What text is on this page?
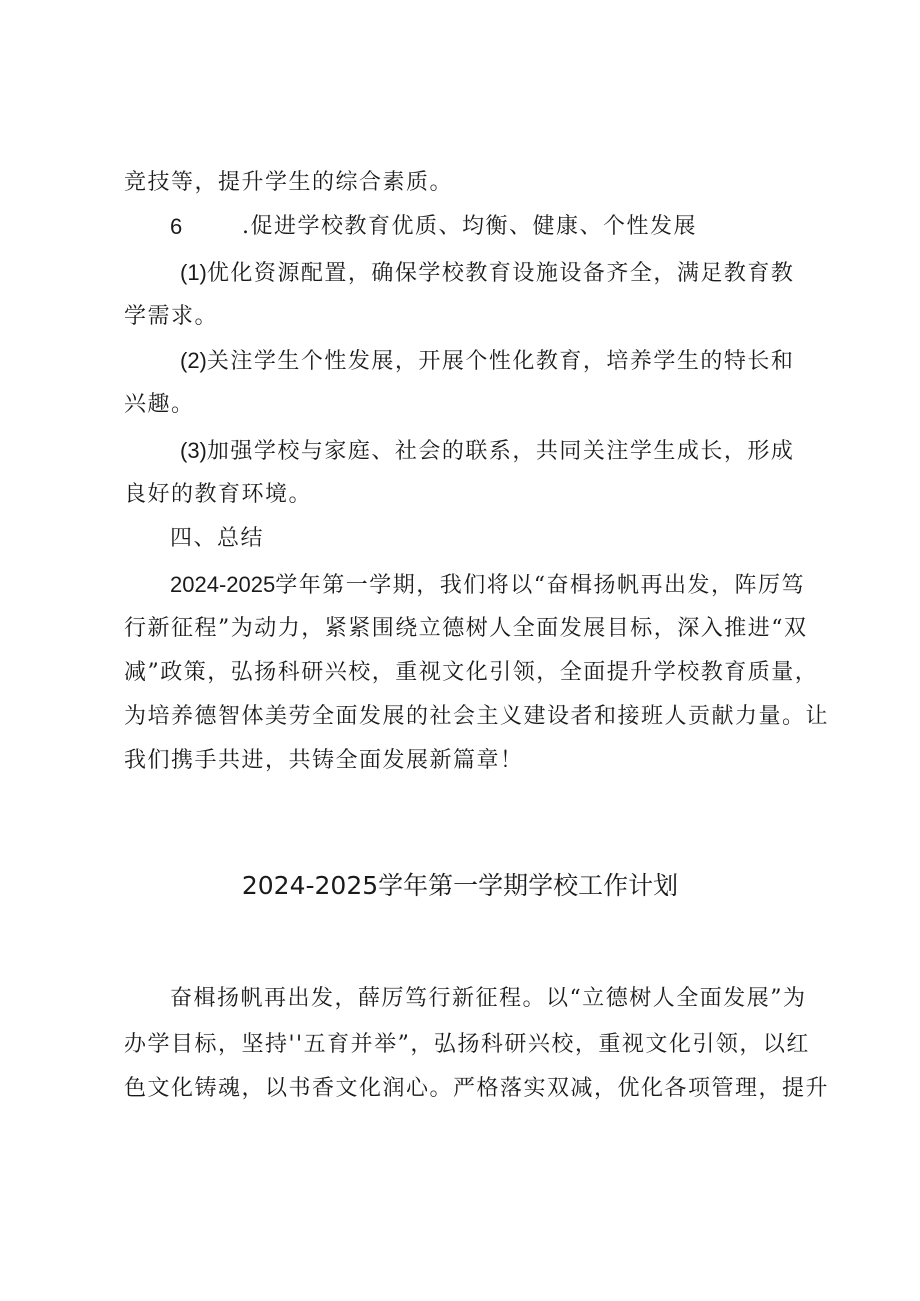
竞技等，提升学生的综合素质。
6	.促进学校教育优质、均衡、健康、个性发展
(1)优化资源配置，确保学校教育设施设备齐全，满足教育教
学需求。
(2)关注学生个性发展，开展个性化教育，培养学生的特长和
兴趣。
(3)加强学校与家庭、社会的联系，共同关注学生成长，形成
良好的教育环境。
四、总结
2024-2025学年第一学期，我们将以“奋楫扬帆再出发，阵厉笃
行新征程”为动力，紧紧围绕立德树人全面发展目标，深入推进“双
减”政策，弘扬科研兴校，重视文化引领，全面提升学校教育质量，
为培养德智体美劳全面发展的社会主义建设者和接班人贡献力量。让
我们携手共进，共铸全面发展新篇章！
2024-2025学年第一学期学校工作计划
奋楫扬帆再出发，薛厉笃行新征程。以“立德树人全面发展”为
办学目标，坚持''五育并举”，弘扬科研兴校，重视文化引领，以红
色文化铸魂，以书香文化润心。严格落实双减，优化各项管理，提升
